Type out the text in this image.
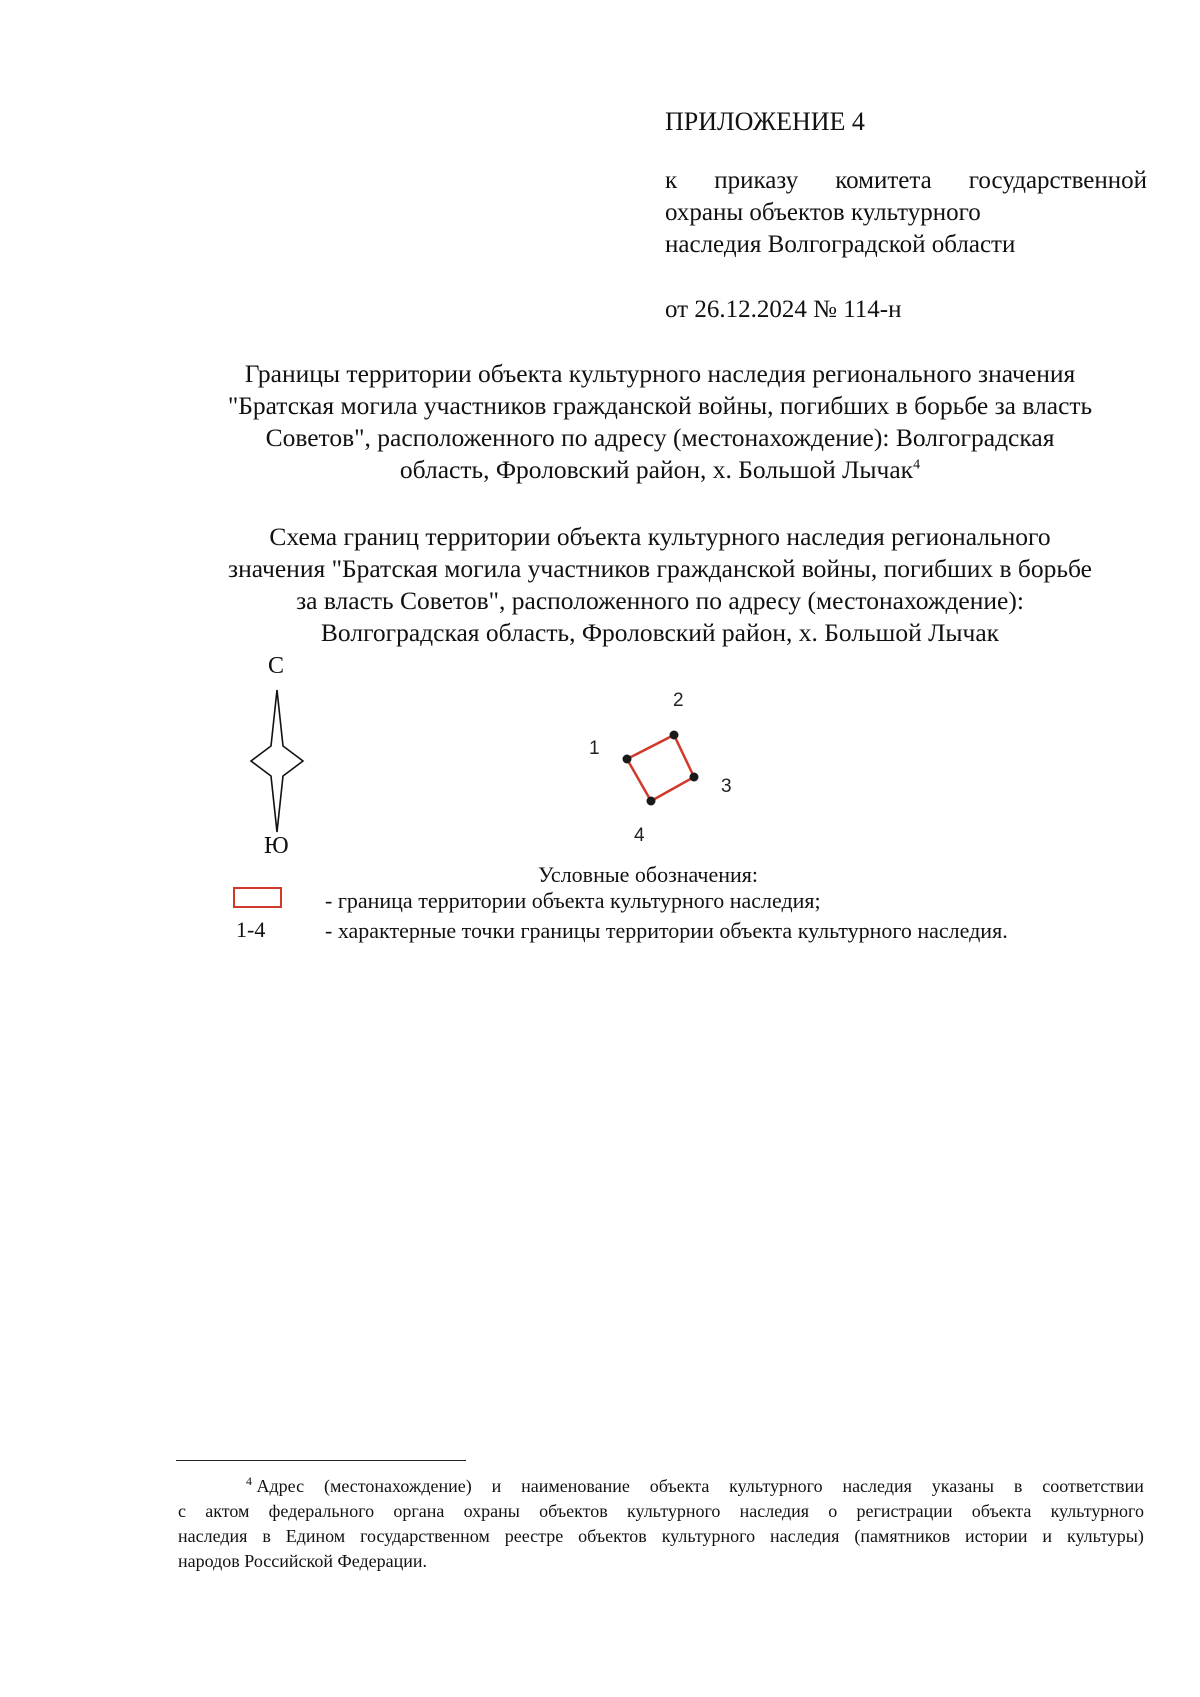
ПРИЛОЖЕНИЕ 4
к приказу комитета государственной
охраны объектов культурного
наследия Волгоградской области
от 26.12.2024 № 114-н
Границы территории объекта культурного наследия регионального значения
"Братская могила участников гражданской войны, погибших в борьбе за власть
Советов", расположенного по адресу (местонахождение): Волгоградская
область, Фроловский район, х. Большой Лычак$^4$
Схема границ территории объекта культурного наследия регионального
значения "Братская могила участников гражданской войны, погибших в борьбе
за власть Советов", расположенного по адресу (местонахождение):
Волгоградская область, Фроловский район, х. Большой Лычак
С
Ю
1
2
3
4
Условные обозначения:
- граница территории объекта культурного наследия;
1-4	- характерные точки границы территории объекта культурного наследия.
$^4$ Адрес (местонахождение) и наименование объекта культурного наследия указаны в соответствии
с актом федерального органа охраны объектов культурного наследия о регистрации объекта культурного
наследия в Едином государственном реестре объектов культурного наследия (памятников истории и культуры)
народов Российской Федерации.
